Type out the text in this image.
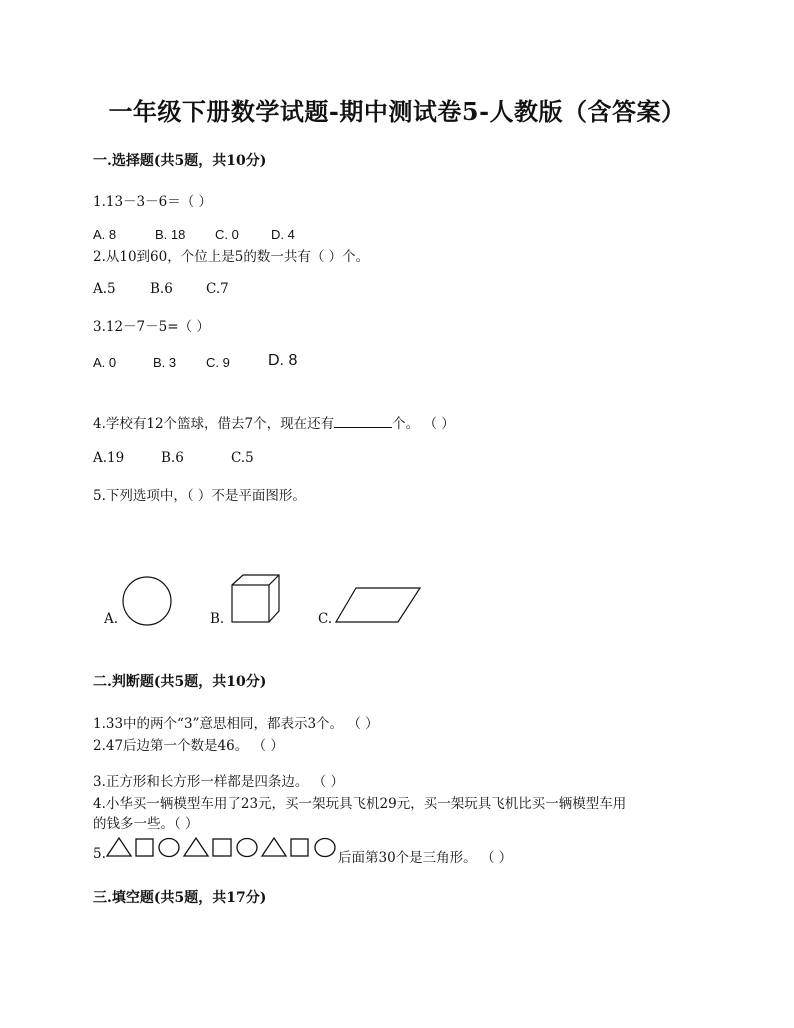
一年级下册数学试题-期中测试卷5-人教版（含答案）
一.选择题(共5题，共10分)
1.13－3－6＝（ ）
A. 8	B. 18 C. 0 D. 4
2.从10到60，个位上是5的数一共有（ ）个。
A.5	B.6 C.7
3.12－7－5=（ ）
A. 0	B. 3 C. 9 D. 8
4.学校有12个篮球，借去7个，现在还有	个。 （ ）
A.19	B.6	C.5
5.下列选项中，（ ）不是平面图形。
A.	B.	C.
二.判断题(共5题，共10分)
1.33中的两个“3”意思相同，都表示3个。 （ ）
2.47后边第一个数是46。 （ ）
3.正方形和长方形一样都是四条边。 （ ）
4.小华买一辆模型车用了23元，买一架玩具飞机29元，买一架玩具飞机比买一辆模型车用
的钱多一些。（ ）
5.	后面第30个是三角形。 （ ）
三.填空题(共5题，共17分)
